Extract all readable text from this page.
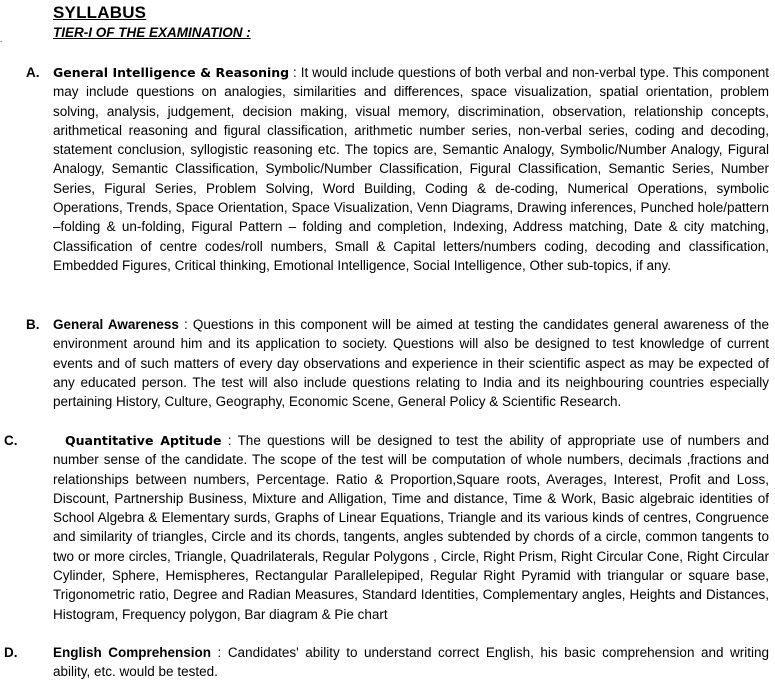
SYLLABUS
TIER-I OF THE EXAMINATION :
.
A. General Intelligence & Reasoning : It would include questions of both verbal and non-verbal type. This component may include questions on analogies, similarities and differences, space visualization, spatial orientation, problem solving, analysis, judgement, decision making, visual memory, discrimination, observation, relationship concepts, arithmetical reasoning and figural classification, arithmetic number series, non-verbal series, coding and decoding, statement conclusion, syllogistic reasoning etc. The topics are, Semantic Analogy, Symbolic/Number Analogy, Figural Analogy, Semantic Classification, Symbolic/Number Classification, Figural Classification, Semantic Series, Number Series, Figural Series, Problem Solving, Word Building, Coding & de-coding, Numerical Operations, symbolic Operations, Trends, Space Orientation, Space Visualization, Venn Diagrams, Drawing inferences, Punched hole/pattern –folding & un-folding, Figural Pattern – folding and completion, Indexing, Address matching, Date & city matching, Classification of centre codes/roll numbers, Small & Capital letters/numbers coding, decoding and classification, Embedded Figures, Critical thinking, Emotional Intelligence, Social Intelligence, Other sub-topics, if any.
B. General Awareness : Questions in this component will be aimed at testing the candidates general awareness of the environment around him and its application to society. Questions will also be designed to test knowledge of current events and of such matters of every day observations and experience in their scientific aspect as may be expected of any educated person. The test will also include questions relating to India and its neighbouring countries especially pertaining History, Culture, Geography, Economic Scene, General Policy & Scientific Research.
C.	Quantitative Aptitude : The questions will be designed to test the ability of appropriate use of numbers and number sense of the candidate. The scope of the test will be computation of whole numbers, decimals ,fractions and relationships between numbers, Percentage. Ratio & Proportion,Square roots, Averages, Interest, Profit and Loss, Discount, Partnership Business, Mixture and Alligation, Time and distance, Time & Work, Basic algebraic identities of School Algebra & Elementary surds, Graphs of Linear Equations, Triangle and its various kinds of centres, Congruence and similarity of triangles, Circle and its chords, tangents, angles subtended by chords of a circle, common tangents to two or more circles, Triangle, Quadrilaterals, Regular Polygons , Circle, Right Prism, Right Circular Cone, Right Circular Cylinder, Sphere, Hemispheres, Rectangular Parallelepiped, Regular Right Pyramid with triangular or square base, Trigonometric ratio, Degree and Radian Measures, Standard Identities, Complementary angles, Heights and Distances, Histogram, Frequency polygon, Bar diagram & Pie chart
D.	English Comprehension : Candidates' ability to understand correct English, his basic comprehension and writing ability, etc. would be tested.
